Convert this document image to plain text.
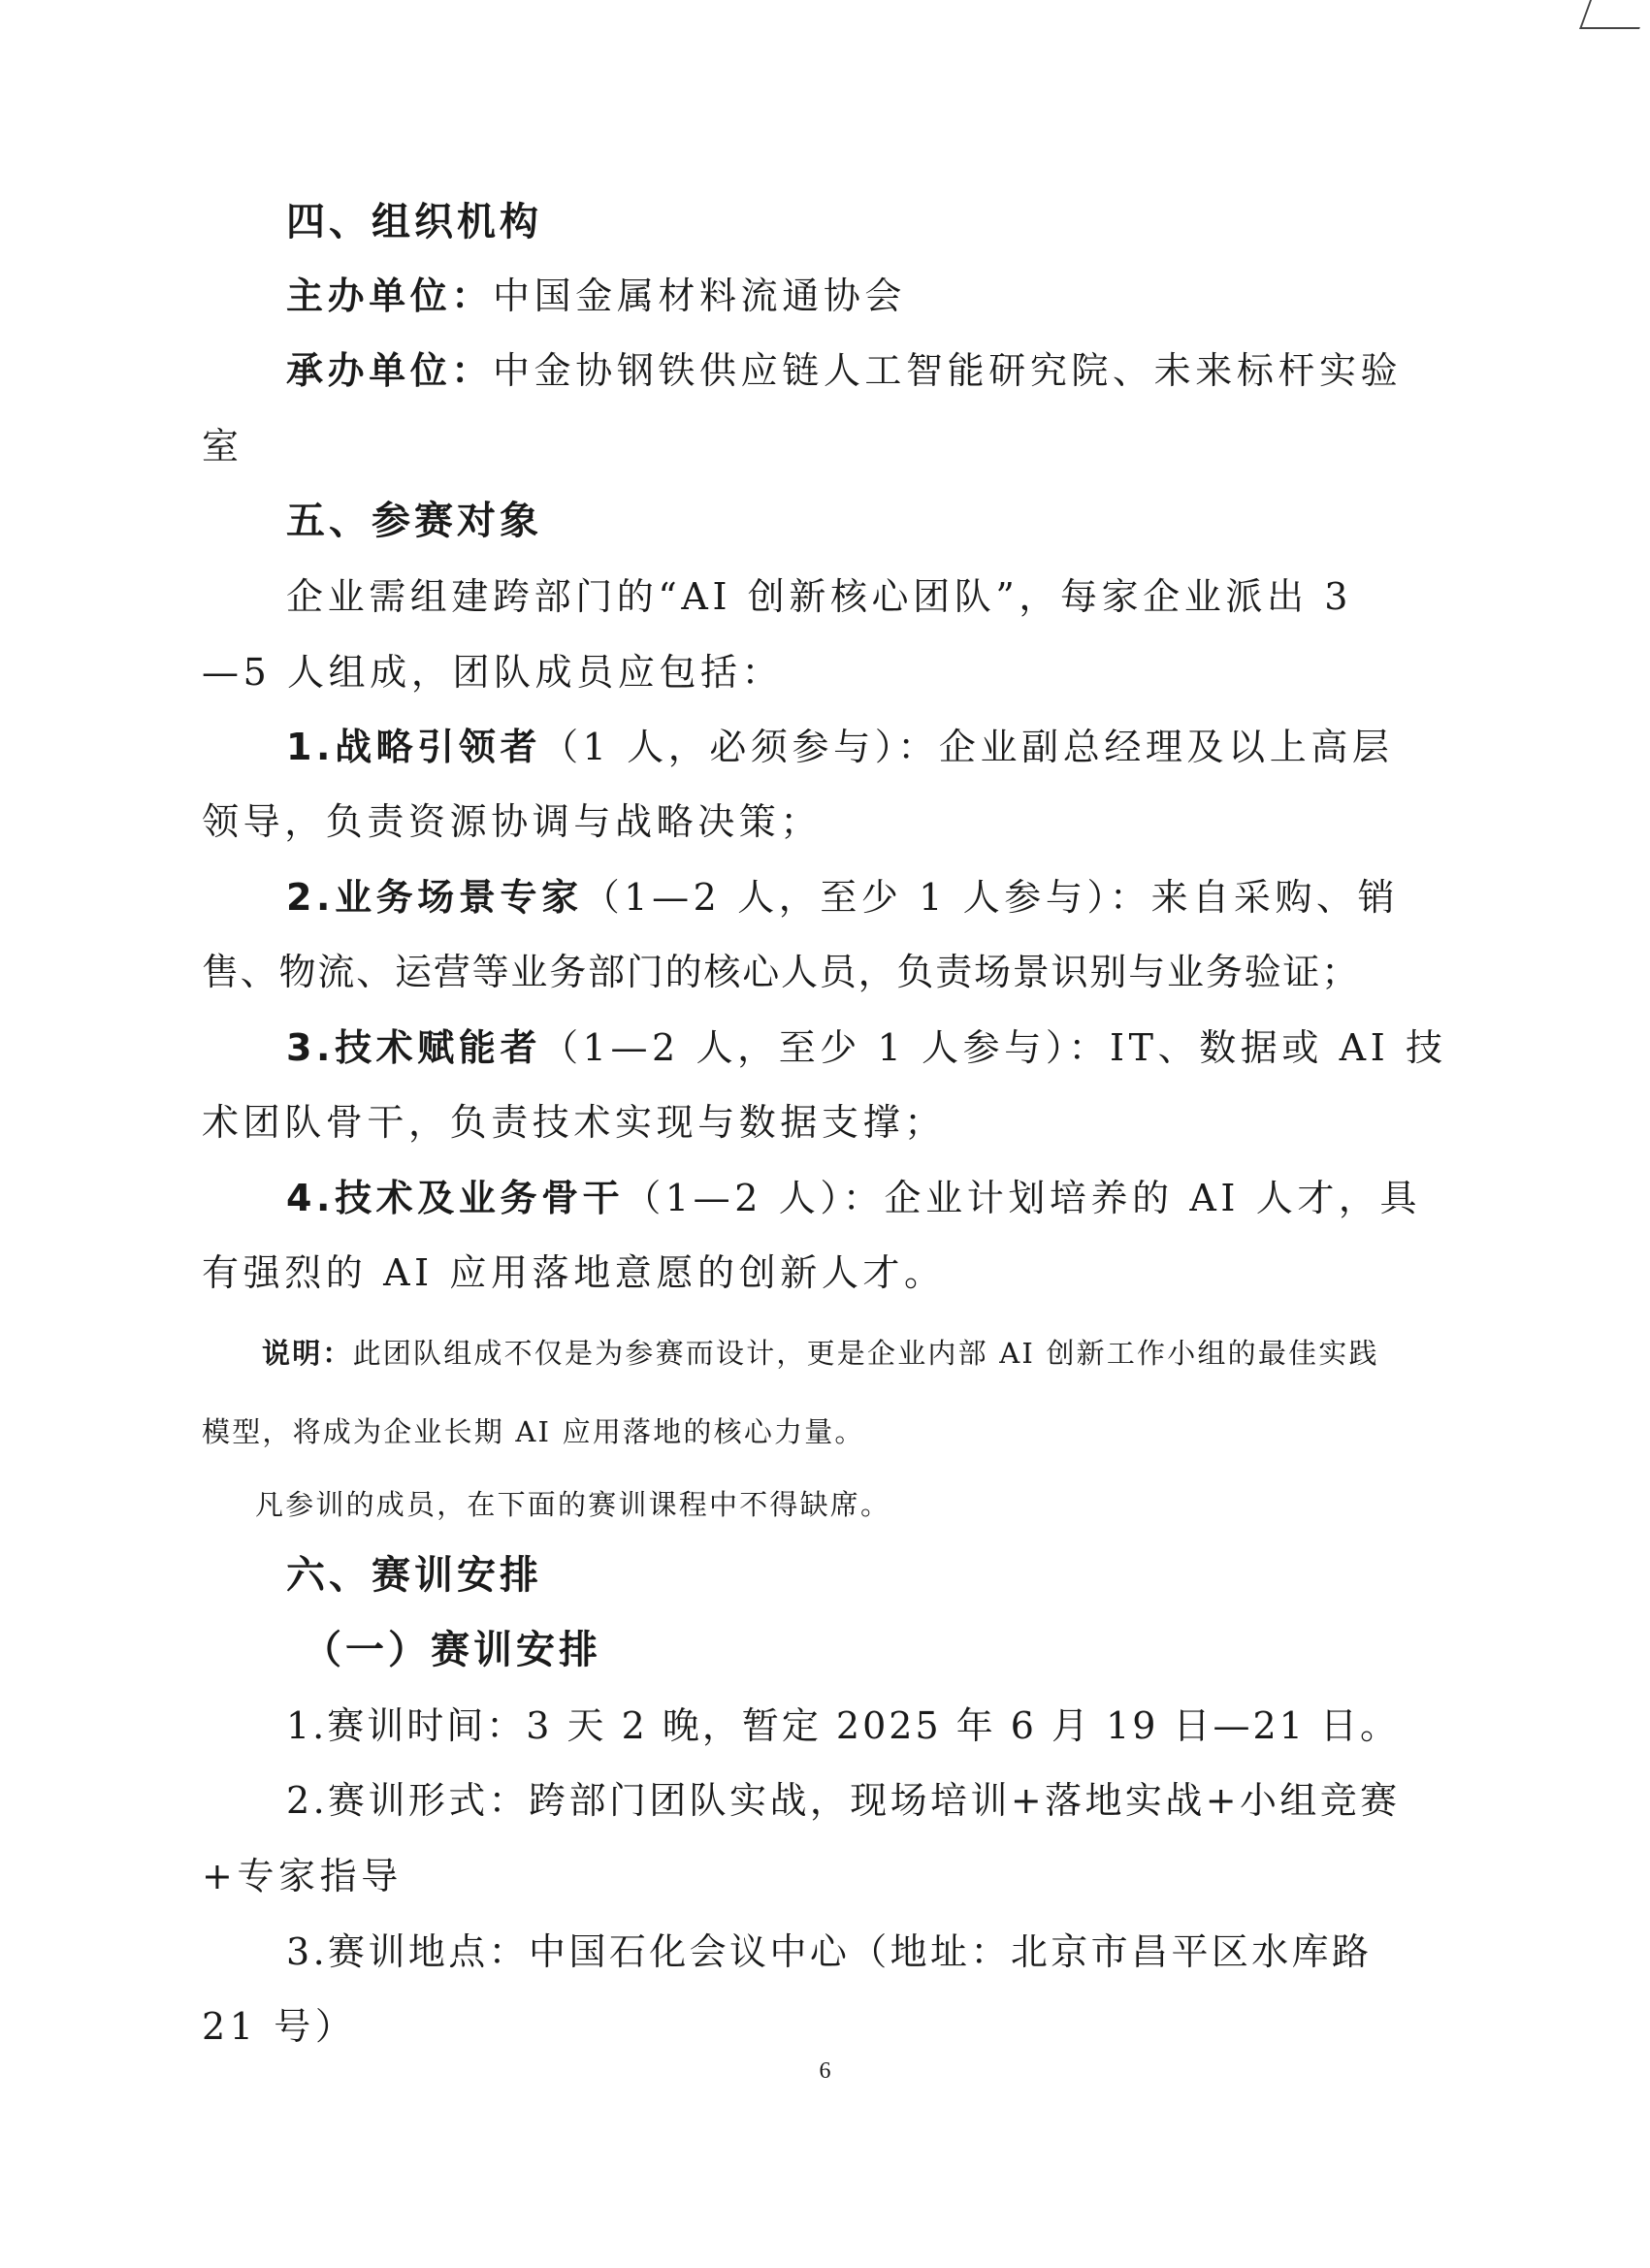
四、组织机构
主办单位：中国金属材料流通协会
承办单位：中金协钢铁供应链人工智能研究院、未来标杆实验
室
五、参赛对象
企业需组建跨部门的“AI 创新核心团队”，每家企业派出 3
—5 人组成，团队成员应包括：
1.战略引领者（1 人，必须参与）：企业副总经理及以上高层
领导，负责资源协调与战略决策；
2.业务场景专家（1—2 人，至少 1 人参与）：来自采购、销
售、物流、运营等业务部门的核心人员，负责场景识别与业务验证；
3.技术赋能者（1—2 人，至少 1 人参与）：IT、数据或 AI 技
术团队骨干，负责技术实现与数据支撑；
4.技术及业务骨干（1—2 人）：企业计划培养的 AI 人才，具
有强烈的 AI 应用落地意愿的创新人才。
说明：此团队组成不仅是为参赛而设计，更是企业内部 AI 创新工作小组的最佳实践
模型，将成为企业长期 AI 应用落地的核心力量。
凡参训的成员，在下面的赛训课程中不得缺席。
六、赛训安排
（一）赛训安排
1.赛训时间：3 天 2 晚，暂定 2025 年 6 月 19 日—21 日。
2.赛训形式：跨部门团队实战，现场培训+落地实战+小组竞赛
+专家指导
3.赛训地点：中国石化会议中心（地址：北京市昌平区水库路
21 号）
6
